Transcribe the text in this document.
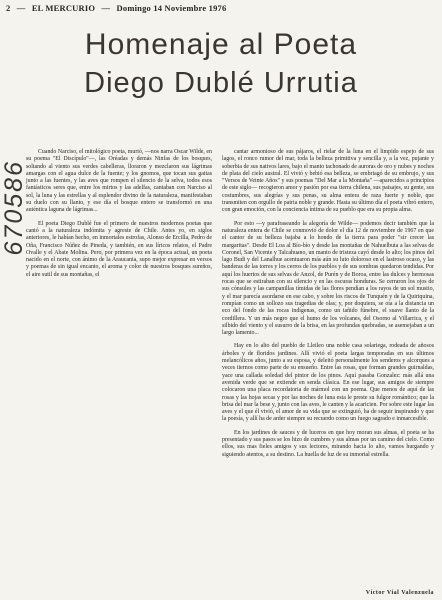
2 — EL MERCURIO — Domingo 14 Noviembre 1976
Homenaje al Poeta
Diego Dublé Urrutia
670586

Cuando Narciso, el mitológico poeta, murió, —nos narra Oscar Wilde, en su poema "El Discípulo"—, las Oréadas y demás Ninfas de los bosques, soltando al viento sus verdes cabelleras, lloraron y mezclaron sus lágrimas amargas con el agua dulce de la fuente; y los gnomos, que tocan sus gaitas junto a las fuentes, y las aves que rompen el silencio de la selva, todos esos fantásticos seres que, entre los mirtos y las adelfas, cantaban con Narciso al sol, la luna y las estrellas y al esplendor divino de la naturaleza, manifestaban su duelo con su llanto, y ese día el bosque entero se transformó en una auténtica laguna de lágrimas...

El poeta Diego Dublé fue el primero de nuestros modernos poetas que cantó a la naturaleza indómita y agreste de Chile. Antes yo, en siglos anteriores, le habían hecho, en inmortales estrofas, Alonso de Ercilla, Pedro de Oña, Francisco Núñez de Pineda, y también, en sus líricos relatos, el Padre Ovalle y el Abate Molina. Pero, por primera vez en la época actual, un poeta nacido en el norte, con ánimo de la Araucania, supo mejor expresar en versos y poemas de sin igual encanto, el aroma y color de nuestros bosques sureños, el aire sutil de sus montañas, el

cantar armonioso de sus pájaros, el rielar de la luna en el limpido espejo de sus lagos, el ronco rumor del mar, toda la belleza primitiva y sencilla y, a la vez, pujante y soberbia de sus nativos lares, bajo el manto tachonado de auroras de oro y nubes y noches de plata del cielo austral. El vivió y bebió esa belleza, se embriagó de su embrujo, y sus "Versos de Veinte Años" y sus poemas "Del Mar a la Montaña" —aparecidos a principios de este siglo— recogieron amor y pasión por esa tierra chilena, sus paisajes, su gente, sus costumbres, sus alegrías y sus penas, su alma entera de raza fuerte y noble, que transmiten con orgullo de patria noble y grande. Hasta su último día el poeta vibró entero, con gran emoción, con la conciencia íntima de su pueblo que era su propia alma.

Por esto —y parafraseando la alegoría de Wilde— podemos decir también que la naturaleza entera de Chile se conmovió de dolor el día 12 de noviembre de 1967 en que el cantor de su belleza bajaba a lo hondo de la tierra para poder "sir crecer las margaritas". Desde El Loa al Bío-bío y desde las montañas de Nahuelbuta a las selvas de Coronel, San Vicente y Talcahuano, un manto de tristeza cayó desde lo alto; los pinos del lago Budi y del Lanalhue acentuaron más aún su luto doloroso en el lastroso ocaso, y las banderas de las torres y los cerros de los pueblos y de sus sombras quedaron tendidas. Por aquí los huertos de sus selvas de Anzol, de Purén y de Boroa, entre las dulces y hermosas rocas que se estiraban con su silencio y en las oscuras honduras. Se cerraron los ojos de sus cónsules y las campanillas tímidas de las flores pendían a los rayos de un sol mustio, y el mar parecía asordarse en ese cabo, y sobre los riscos de Tunquén y de la Quiriquina, rompían como un sollozo sus tragedias de olas; y, por doquiera, se oía a la distancia un eco del fondo de las rocas indígenas, como un tañido fúnebre, el suave llanto de la cordillera. Y un más negro que el humo de los volcanes, del Osorno al Villarrica, y el silbido del viento y el susurro de la brisa, en las profundas quebradas, se asemejaban a un largo lamento...

Hay en lo alto del pueblo de Lleileo una noble casa solariega, rodeada de añosos árboles y de floridos jardines. Allí vivió el poeta largas temporadas en sus últimos melancólicos años, junto a su esposa, y deleitó personalmente los senderos y alcorques a veces tiernos como parte de su ensueño. Entre las rosas, que forman grandes guirnaldas, yace una callada soledad del pintor de los pinos. Aquí pasaba Gonzalez: más allá una avenida verde que se extiende en senda clásica. En ese lugar, sus amigos de siempre colocaron una placa recordatoria de mármol con un poema. Que menos de aquí de las rosas y las hojas secas y por las noches de luna esta le preste su fulgor romántico; que la brisa del mar la bese y, junto con las aves, le canten y la acaricien. Por sobre este lugar las aves y el que él vivió, el amor de su vida que se extinguió, ha de seguir inspirando y que la poesía, y allí ha de arder siempre su recuerdo como un fuego sagrado e inmarcesible.

En los jardines de sauces y de luceros en que hoy moran sus almas, el poeta se ha presentado y sus pasos se los hizo de cumbres y sus almas por un camino del cielo. Como ellos, sus mas fieles amigos y sus lectores, mirando hacia lo alto, vamos hurgando y siguiendo atentos, a su destino. La huella de luz de su inmortal estrella.

Víctor Vial Valenzuela
